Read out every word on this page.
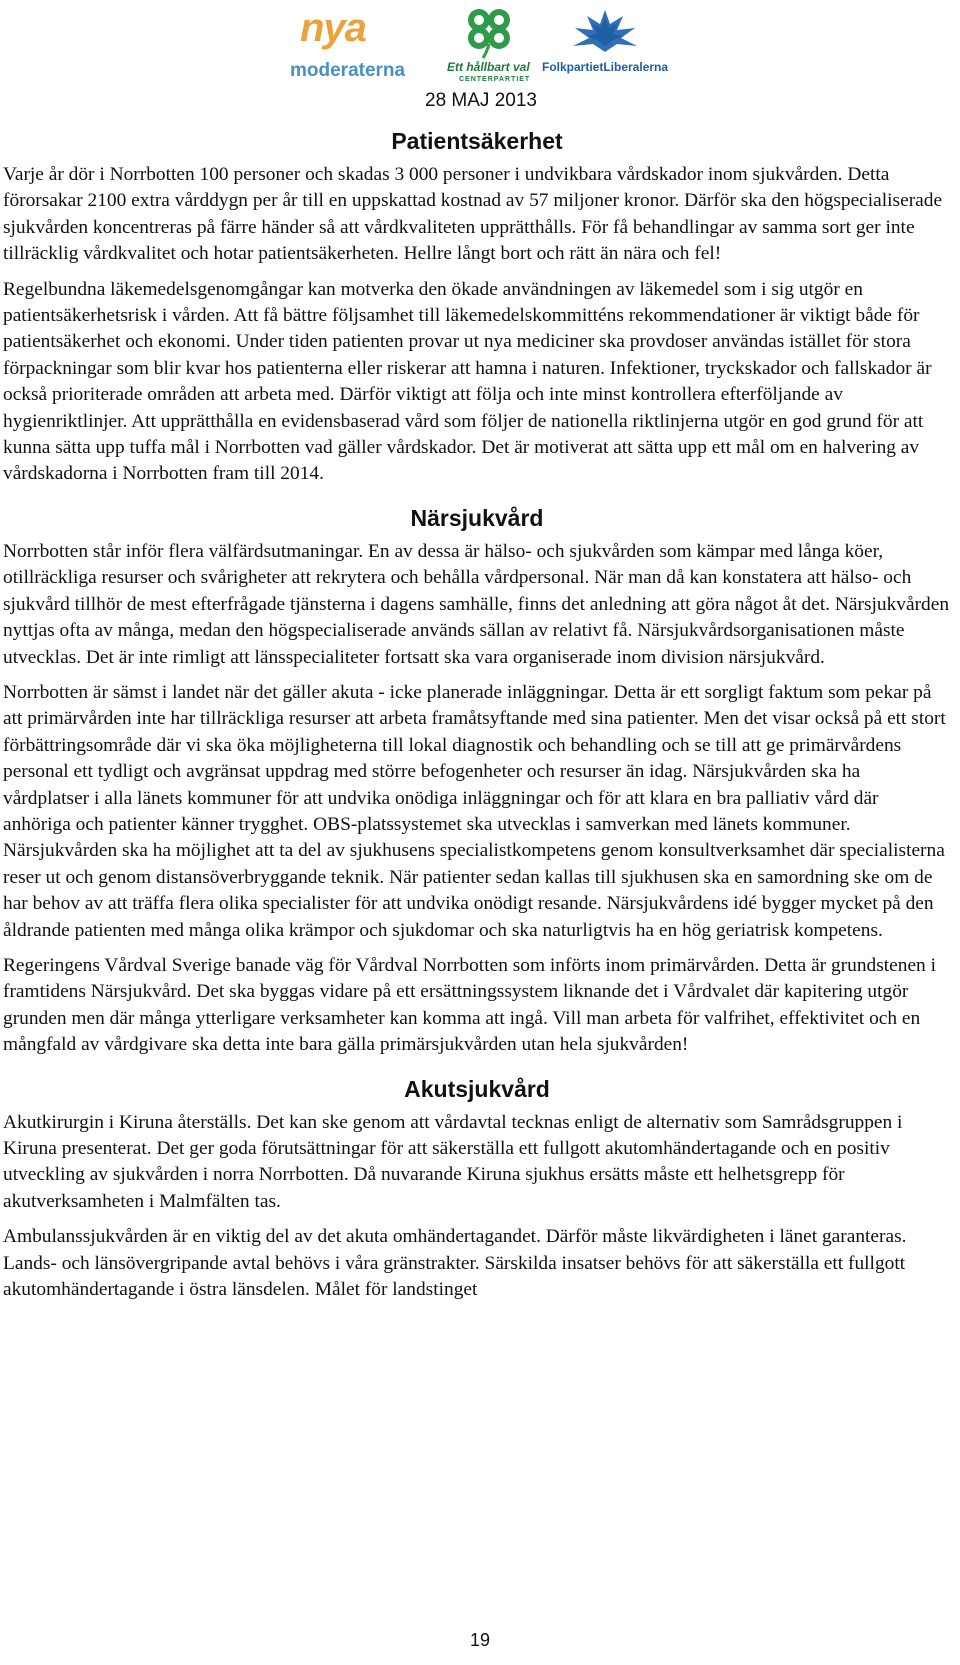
nya
moderaterna	Ett hållbart val
CENTERPARTIET
FolkpartietLiberalerna
28 MAJ 2013
Patientsäkerhet

Varje år dör i Norrbotten 100 personer och skadas 3 000 personer i undvikbara vårdskador inom sjukvården. Detta förorsakar 2100 extra vårddygn per år till en uppskattad kostnad av 57 miljoner kronor. Därför ska den högspecialiserade sjukvården koncentreras på färre händer så att vårdkvaliteten upprätthålls. För få behandlingar av samma sort ger inte tillräcklig vårdkvalitet och hotar patientsäkerheten. Hellre långt bort och rätt än nära och fel!

Regelbundna läkemedelsgenomgångar kan motverka den ökade användningen av läkemedel som i sig utgör en patientsäkerhetsrisk i vården. Att få bättre följsamhet till läkemedelskommitténs rekommendationer är viktigt både för patientsäkerhet och ekonomi. Under tiden patienten provar ut nya mediciner ska provdoser användas istället för stora förpackningar som blir kvar hos patienterna eller riskerar att hamna i naturen. Infektioner, tryckskador och fallskador är också prioriterade områden att arbeta med. Därför viktigt att följa och inte minst kontrollera efterföljande av hygienriktlinjer. Att upprätthålla en evidensbaserad vård som följer de nationella riktlinjerna utgör en god grund för att kunna sätta upp tuffa mål i Norrbotten vad gäller vårdskador. Det är motiverat att sätta upp ett mål om en halvering av vårdskadorna i Norrbotten fram till 2014.

Närsjukvård

Norrbotten står inför flera välfärdsutmaningar. En av dessa är hälso- och sjukvården som kämpar med långa köer, otillräckliga resurser och svårigheter att rekrytera och behålla vårdpersonal. När man då kan konstatera att hälso- och sjukvård tillhör de mest efterfrågade tjänsterna i dagens samhälle, finns det anledning att göra något åt det. Närsjukvården nyttjas ofta av många, medan den högspecialiserade används sällan av relativt få. Närsjukvårdsorganisationen måste utvecklas. Det är inte rimligt att länsspecialiteter fortsatt ska vara organiserade inom division närsjukvård.

Norrbotten är sämst i landet när det gäller akuta - icke planerade inläggningar. Detta är ett sorgligt faktum som pekar på att primärvården inte har tillräckliga resurser att arbeta framåtsyftande med sina patienter. Men det visar också på ett stort förbättringsområde där vi ska öka möjligheterna till lokal diagnostik och behandling och se till att ge primärvårdens personal ett tydligt och avgränsat uppdrag med större befogenheter och resurser än idag. Närsjukvården ska ha vårdplatser i alla länets kommuner för att undvika onödiga inläggningar och för att klara en bra palliativ vård där anhöriga och patienter känner trygghet. OBS-platssystemet ska utvecklas i samverkan med länets kommuner. Närsjukvården ska ha möjlighet att ta del av sjukhusens specialistkompetens genom konsultverksamhet där specialisterna reser ut och genom distansöverbryggande teknik. När patienter sedan kallas till sjukhusen ska en samordning ske om de har behov av att träffa flera olika specialister för att undvika onödigt resande. Närsjukvårdens idé bygger mycket på den åldrande patienten med många olika krämpor och sjukdomar och ska naturligtvis ha en hög geriatrisk kompetens.

Regeringens Vårdval Sverige banade väg för Vårdval Norrbotten som införts inom primärvården. Detta är grundstenen i framtidens Närsjukvård. Det ska byggas vidare på ett ersättningssystem liknande det i Vårdvalet där kapitering utgör grunden men där många ytterligare verksamheter kan komma att ingå. Vill man arbeta för valfrihet, effektivitet och en mångfald av vårdgivare ska detta inte bara gälla primärsjukvården utan hela sjukvården!

Akutsjukvård

Akutkirurgin i Kiruna återställs. Det kan ske genom att vårdavtal tecknas enligt de alternativ som Samrådsgruppen i Kiruna presenterat. Det ger goda förutsättningar för att säkerställa ett fullgott akutomhändertagande och en positiv utveckling av sjukvården i norra Norrbotten. Då nuvarande Kiruna sjukhus ersätts måste ett helhetsgrepp för akutverksamheten i Malmfälten tas.

Ambulanssjukvården är en viktig del av det akuta omhändertagandet. Därför måste likvärdigheten i länet garanteras. Lands- och länsövergripande avtal behövs i våra gränstrakter. Särskilda insatser behövs för att säkerställa ett fullgott akutomhändertagande i östra länsdelen. Målet för landstinget

19
